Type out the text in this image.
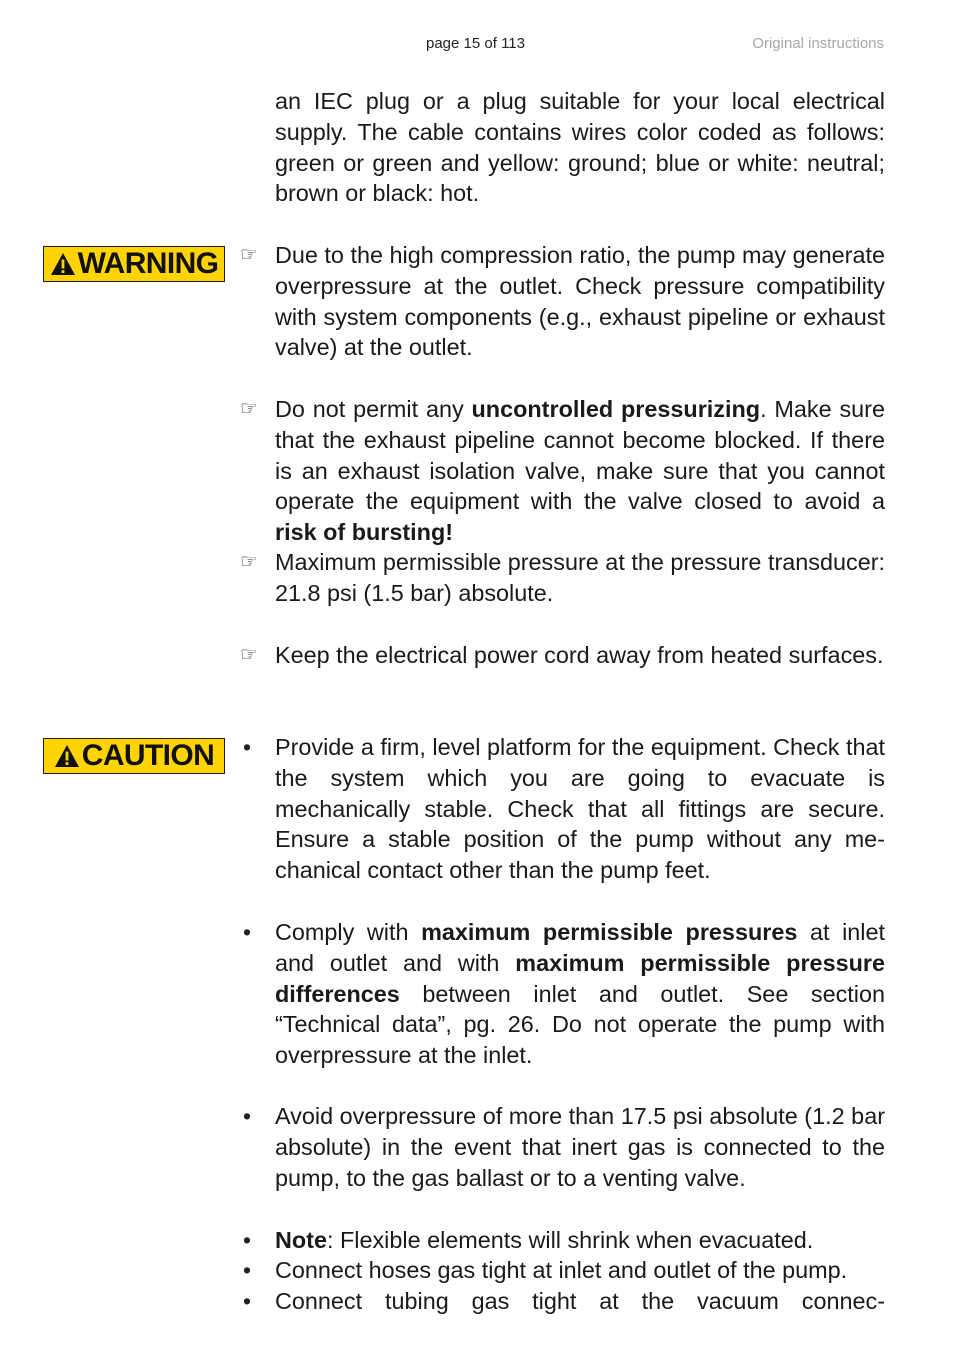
page 15 of 113	Original instructions
an IEC plug or a plug suitable for your local electrical supply. The cable contains wires color coded as follows: green or green and yellow: ground; blue or white: neutral; brown or black: hot.
WARNING
CAUTION
☞ Due to the high compression ratio, the pump may generate overpressure at the outlet. Check pressure compatibility with system components (e.g., exhaust pipeline or exhaust valve) at the outlet.
☞ Do not permit any uncontrolled pressurizing. Make sure that the exhaust pipeline cannot become blocked. If there is an exhaust isolation valve, make sure that you cannot operate the equipment with the valve closed to avoid a risk of bursting!
☞ Maximum permissible pressure at the pressure transducer: 21.8 psi (1.5 bar) absolute.
☞ Keep the electrical power cord away from heated surfaces.
• Provide a firm, level platform for the equipment. Check that the system which you are going to evacuate is mechanically stable. Check that all fittings are secure. Ensure a stable position of the pump without any mechanical contact other than the pump feet.
• Comply with maximum permissible pressures at inlet and outlet and with maximum permissible pressure differences between inlet and outlet. See section “Technical data”, pg. 26. Do not operate the pump with overpressure at the inlet.
• Avoid overpressure of more than 17.5 psi absolute (1.2 bar absolute) in the event that inert gas is connected to the pump, to the gas ballast or to a venting valve.
• Note: Flexible elements will shrink when evacuated.
• Connect hoses gas tight at inlet and outlet of the pump.
• Connect tubing gas tight at the vacuum connec-
